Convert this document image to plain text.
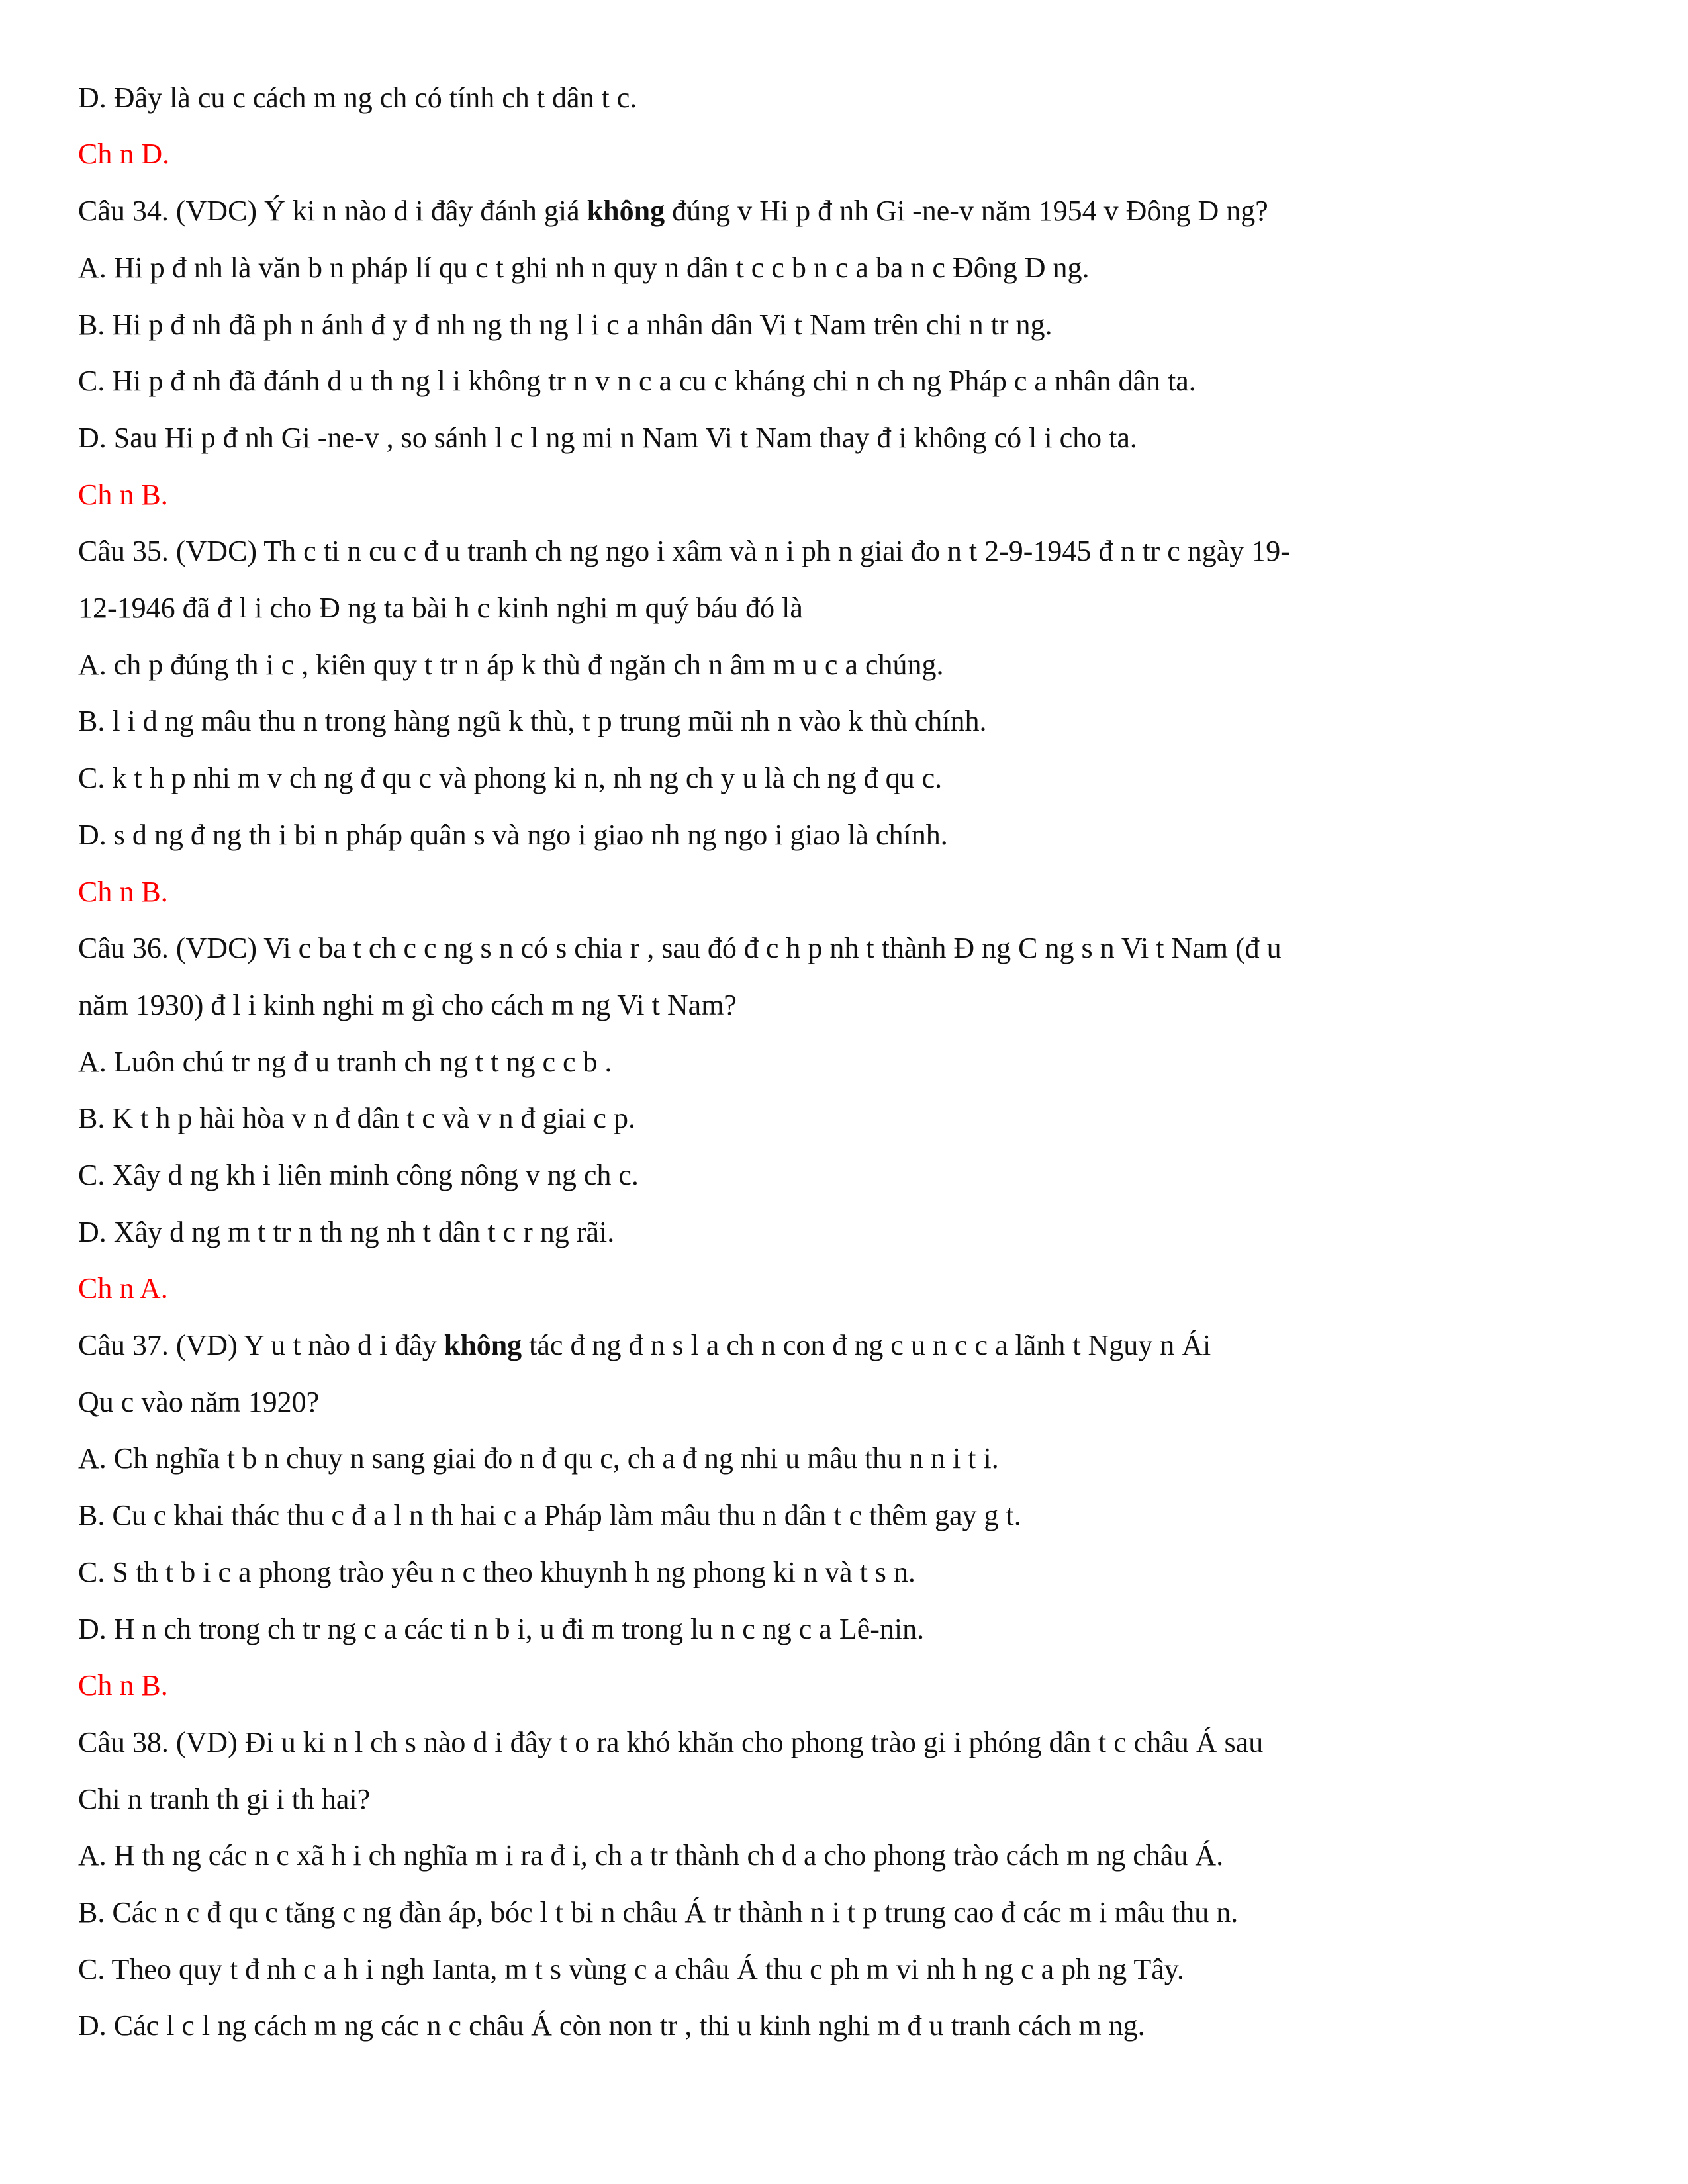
D. Đây là cu c cách m ng ch có tính ch t dân t c.
Ch n D.
Câu 34. (VDC) Ý ki n nào d i đây đánh giá không đúng v Hi p đ nh Gi -ne-v năm 1954 v Đông D ng?
A. Hi p đ nh là văn b n pháp lí qu c t ghi nh n quy n dân t c c b n c a ba n c Đông D ng.
B. Hi p đ nh đã ph n ánh đ y đ nh ng th ng l i c a nhân dân Vi t Nam trên chi n tr ng.
C. Hi p đ nh đã đánh d u th ng l i không tr n v n c a cu c kháng chi n ch ng Pháp c a nhân dân ta.
D. Sau Hi p đ nh Gi -ne-v , so sánh l c l ng mi n Nam Vi t Nam thay đ i không có l i cho ta.
Ch n B.
Câu 35. (VDC) Th c ti n cu c đ u tranh ch ng ngo i xâm và n i ph n giai đo n t 2-9-1945 đ n tr c ngày 19-
12-1946 đã đ l i cho Đ ng ta bài h c kinh nghi m quý báu đó là
A. ch p đúng th i c , kiên quy t tr n áp k thù đ ngăn ch n âm m u c a chúng.
B. l i d ng mâu thu n trong hàng ngũ k thù, t p trung mũi nh n vào k thù chính.
C. k t h p nhi m v ch ng đ qu c và phong ki n, nh ng ch y u là ch ng đ qu c.
D. s d ng đ ng th i bi n pháp quân s và ngo i giao nh ng ngo i giao là chính.
Ch n B.
Câu 36. (VDC) Vi c ba t ch c c ng s n có s chia r , sau đó đ c h p nh t thành Đ ng C ng s n Vi t Nam (đ u
năm 1930) đ l i kinh nghi m gì cho cách m ng Vi t Nam?
A. Luôn chú tr ng đ u tranh ch ng t t ng c c b .
B. K t h p hài hòa v n đ dân t c và v n đ giai c p.
C. Xây d ng kh i liên minh công nông v ng ch c.
D. Xây d ng m t tr n th ng nh t dân t c r ng rãi.
Ch n A.
Câu 37. (VD) Y u t nào d i đây không tác đ ng đ n s l a ch n con đ ng c u n c c a lãnh t Nguy n Ái
Qu c vào năm 1920?
A. Ch nghĩa t b n chuy n sang giai đo n đ qu c, ch a đ ng nhi u mâu thu n n i t i.
B. Cu c khai thác thu c đ a l n th hai c a Pháp làm mâu thu n dân t c thêm gay g t.
C. S th t b i c a phong trào yêu n c theo khuynh h ng phong ki n và t s n.
D. H n ch trong ch tr ng c a các ti n b i, u đi m trong lu n c ng c a Lê-nin.
Ch n B.
Câu 38. (VD) Đi u ki n l ch s nào d i đây t o ra khó khăn cho phong trào gi i phóng dân t c châu Á sau
Chi n tranh th gi i th hai?
A. H th ng các n c xã h i ch nghĩa m i ra đ i, ch a tr thành ch d a cho phong trào cách m ng châu Á.
B. Các n c đ qu c tăng c ng đàn áp, bóc l t bi n châu Á tr thành n i t p trung cao đ các m i mâu thu n.
C. Theo quy t đ nh c a h i ngh Ianta, m t s vùng c a châu Á thu c ph m vi nh h ng c a ph ng Tây.
D. Các l c l ng cách m ng các n c châu Á còn non tr , thi u kinh nghi m đ u tranh cách m ng.
